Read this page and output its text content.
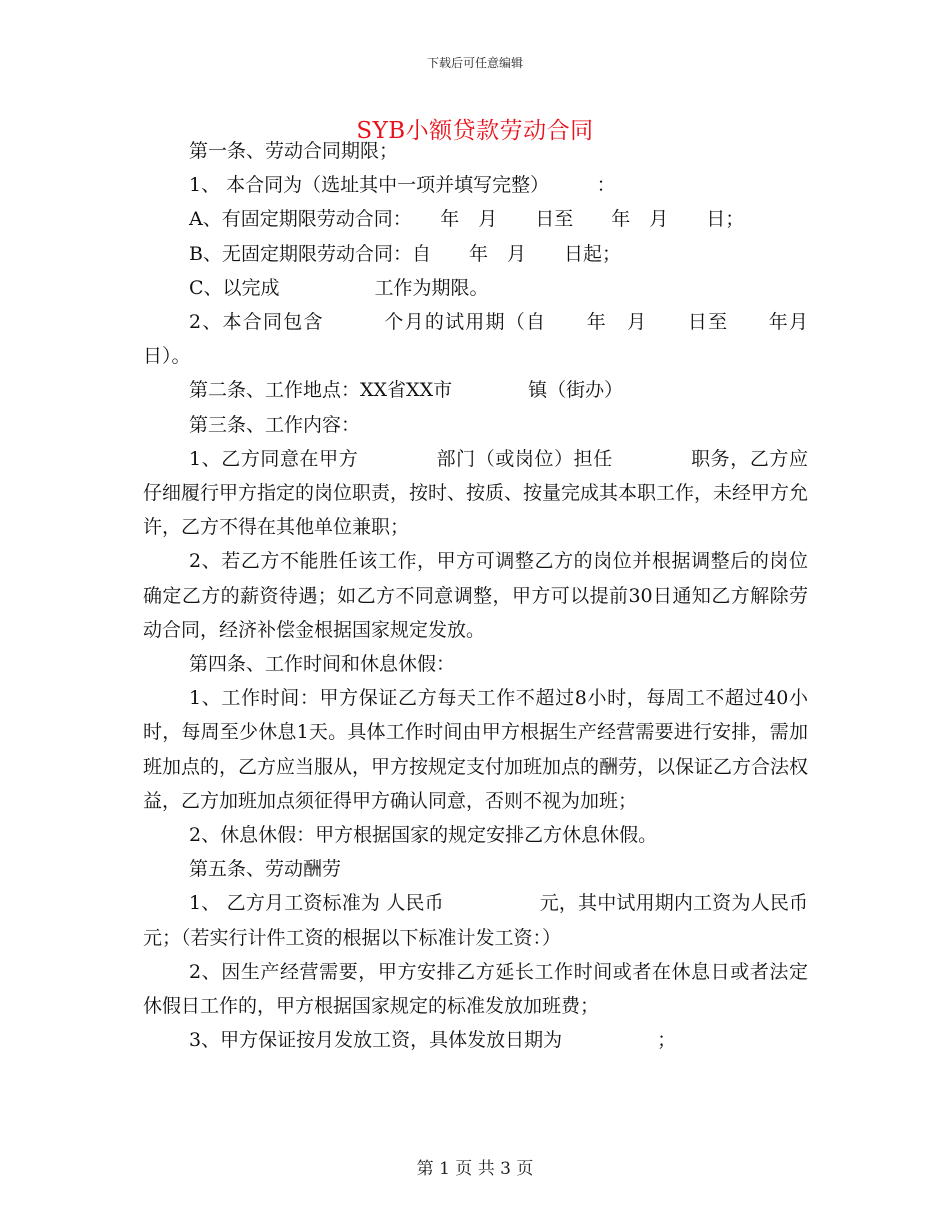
下载后可任意编辑
SYB小额贷款劳动合同

第一条、劳动合同期限；

1、 本合同为（选址其中一项并填写完整）　　　：

A、有固定期限劳动合同：　　年　月　　日至　　年　月　　日；

B、无固定期限劳动合同：自　　年　月　　日起；

C、以完成　　　　　工作为期限。

2、本合同包含　　　个月的试用期（自　　年　月　　日至　　年月　　日）。

第二条、工作地点：XX省XX市　　　　镇（街办）

第三条、工作内容：

1、乙方同意在甲方　　　　部门（或岗位）担任　　　　职务，乙方应仔细履行甲方指定的岗位职责，按时、按质、按量完成其本职工作，未经甲方允许，乙方不得在其他单位兼职；

2、若乙方不能胜任该工作，甲方可调整乙方的岗位并根据调整后的岗位确定乙方的薪资待遇；如乙方不同意调整，甲方可以提前30日通知乙方解除劳动合同，经济补偿金根据国家规定发放。

第四条、工作时间和休息休假：

1、工作时间：甲方保证乙方每天工作不超过8小时，每周工不超过40小时，每周至少休息1天。具体工作时间由甲方根据生产经营需要进行安排，需加班加点的，乙方应当服从，甲方按规定支付加班加点的酬劳，以保证乙方合法权益，乙方加班加点须征得甲方确认同意，否则不视为加班；

2、休息休假：甲方根据国家的规定安排乙方休息休假。

第五条、劳动酬劳

1、 乙方月工资标准为 人民币　　　　　元，其中试用期内工资为人民币　　元；（若实行计件工资的根据以下标准计发工资：）

2、因生产经营需要，甲方安排乙方延长工作时间或者在休息日或者法定休假日工作的，甲方根据国家规定的标准发放加班费；

3、甲方保证按月发放工资，具体发放日期为　　　　　；

第 1 页 共 3 页
